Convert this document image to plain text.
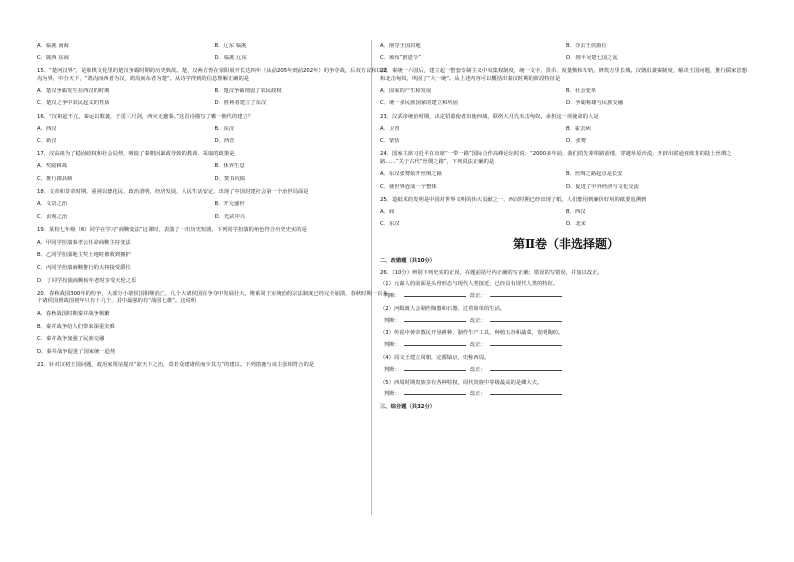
A．临洮 南海	B．辽东 临洮
C．陇西 东海	D．临洮 辽东
15．“楚河汉界”，是象棋文化里的楚汉争霸时期的历史典故。楚、汉两方曾在荥阳展开长达四年（从前205年到前202年）的争夺战，后双方议和以鸿沟为界，中分天下，“鸿沟而西者为汉，鸿沟而东者为楚”。从诗学得到的信息理解正确的是
A．楚汉争霸发生在西汉的时期	B．楚汉争霸削弱了农民政权
C．楚汉之争中农民起义的性质	D．胜利者建立了东汉
16．“汉祖起不亢，秦运以歌袭，于雷三尺剑，西灭无邀秦。”这首诗描写了哪一朝代的建立？
A．西汉	B．东汉
C．新汉	D．西晋
17．汉高祖为了稳固政权和社会局势，吸取了秦朝因暴政导致的教训，采取的政策是
A．奖励耕战	B．休养生息
C．推行郡县制	D．焚书坑儒
18．文帝和景帝时期，重视以德化民，政治清明，经济发展，人民生活安定，出现了中国封建社会第一个治世局面是
A．文景之治	B．开元盛世
C．贞观之治	D．光武中兴
19．某校七年级（6）同学在学习“商鞅变法”这课时，表演了一出历史短剧。下列同学扮演的角色符合历史史实的是
A．甲同学扮演秦孝公任命商鞅主持变法
B．乙同学扮演地主奖士地时被收到拥护
C．丙同学扮演商鞅推行的大将接受爵位
D．丁同学扮演商鞅转年老时享受天伦之乐
20．春秋战国300年的纷争，大部分小诸侯国相继消亡，几个大诸侯国在争夺中发展壮大，维系周王室统治的宗法制度已经完全崩溃，春秋时期一百多个诸侯国到战国初年只有十几个，其中最强的有“战国七雄”。这说明
A．春秋战国时期秦并战争频繁
B．秦并战争给人们带来深重灾难
C．秦并战争加强了民族交融
D．秦并战争促进了国家统一趋势
21．针对汉初王国问题，政治家贾谊提出“欲天下之治，莫若众建诸侯而少其力”的建议。下列措施与该主张相符合的是
A．削夺王国封地	B．夺去王侯爵位
C．颁布“推恩令”	D．削平吴楚七国之乱
22．秦统一六国后，建立起一整套专制主义中央集权制度，统一文字、货币、度量衡和车轨，修筑万里长城。汉朝沿袭秦制度，解决王国问题，推行儒家思想和北击匈奴，巩固了“大一统”。从上述内容可以概括出秦汉时期的阶段特征是
A．国家的产生和发展	B．社会变革
C．统一多民族国家的建立和巩固	D．争霸称雄与民族交融
23．汉武帝统治时期，决定招募使者出使西域，联络大月氏夹击匈奴。承担这一项使命的人是
A．卫青	B．霍去病
C．蒙恬	D．张骞
24．国家主席习近平在出席“一带一路”国际合作高峰论坛时说：“2000多年前，我们的先辈筚路蓝缕，穿越草原沙漠，开辟出联通亚欧非的陆上丝绸之路……”关于古代“丝绸之路”，下列说法正确的是
A．东汉张骞始开丝绸之路	B．丝绸之路起点是长安
C．使世界连成一个整体	D．促进了中外经济与文化交流
25．造纸术的发明是中国对世界文明的伟大贡献之一，西汉时期已经出现了纸，人们能用到廉价好用的纸要追溯到
A．商	B．西汉
C．东汉	D．北宋
第Ⅱ卷（非选择题）
二、改错题（共10分）
26．（10分）辨别下列史实的正误，在题前括号内正确的写正确；错误的写错误，并加以改正。
（1）元谋人的前面是头骨形态与现代人类接近，已经具有现代人类的特征。
判断：	改正：
（2）河姆渡人会制作陶器和石器，过着简单的生活。
判断：	改正：
（3）传说中黄帝教民开垦耕种，制作生产工具，种植五谷和蔬菜，发明陶纺。
判断：	改正：
（4）周文王建立周朝，定都镐京，史称西周。
判断：	改正：
（5）西周时期贵族享有各种特权，周代贵族中等级最高的是卿大夫。
判断：	改正：
三、综合题（共32分）
